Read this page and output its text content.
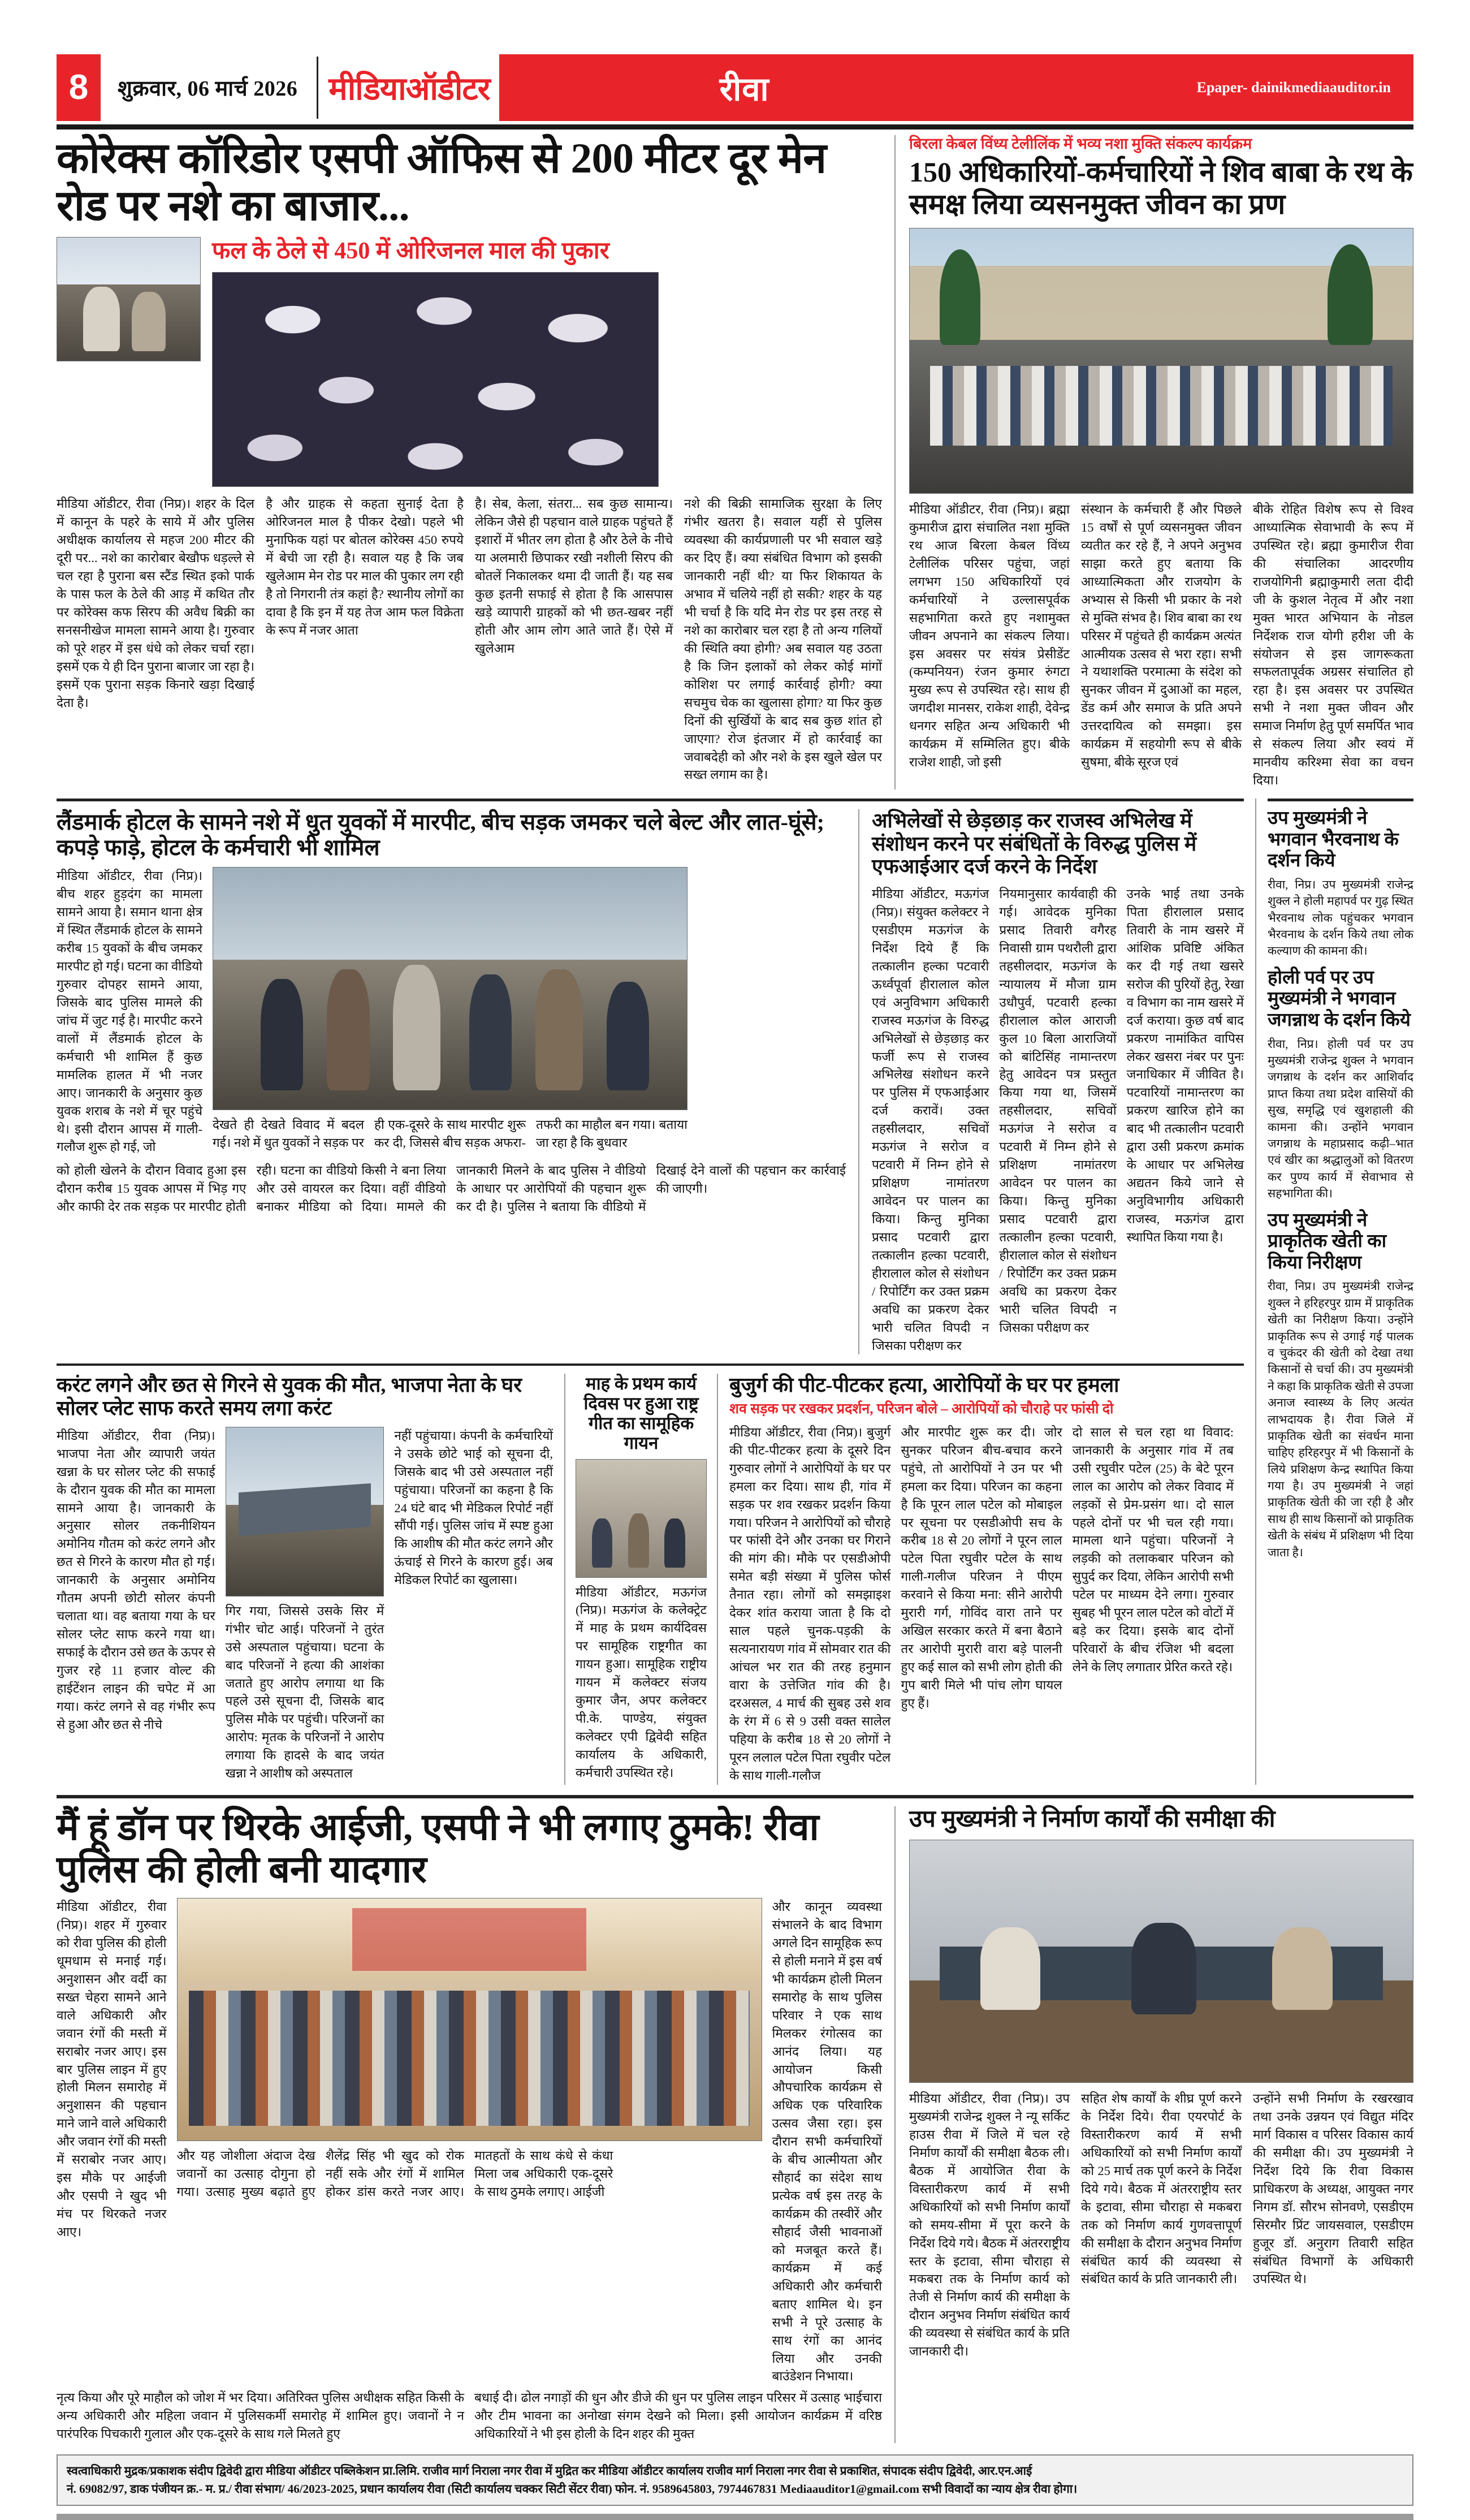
8	शुक्रवार, 06 मार्च 2026 मीडियाऑडीटर	रीवा	Epaper- dainikmediaauditor.in
कोरेक्स कॉरिडोर एसपी ऑफिस से 200 मीटर दूर मेन रोड पर नशे का बाजार...
फल के ठेले से 450 में ओरिजनल माल की पुकार
मीडिया ऑडीटर, रीवा (निप्र)। शहर के दिल में कानून के पहरे के साये में और पुलिस अधीक्षक कार्यालय से महज 200 मीटर की दूरी पर... नशे का कारोबार बेखौफ धड़ल्ले से चल रहा है पुराना बस स्टैंड स्थित इको पार्क के पास फल के ठेले की आड़ में कथित तौर पर कोरेक्स कफ सिरप की अवैध बिक्री का सनसनीखेज मामला सामने आया है। गुरुवार को पूरे शहर में इस धंधे को लेकर चर्चा रहा। इसमें एक ये ही दिन पुराना बाजार जा रहा है। इसमें एक पुराना सड़क किनारे खड़ा दिखाई देता है।
है और ग्राहक से कहता सुनाई देता है ओरिजनल माल है पीकर देखो। पहले भी मुनाफिक यहां पर बोतल कोरेक्स 450 रुपये में बेची जा रही है। सवाल यह है कि जब खुलेआम मेन रोड पर माल की पुकार लग रही है तो निगरानी तंत्र कहां है? स्थानीय लोगों का दावा है कि इन में यह तेज आम फल विक्रेता के रूप में नजर आता
है। सेब, केला, संतरा... सब कुछ सामान्य। लेकिन जैसे ही पहचान वाले ग्राहक पहुंचते हैं इशारों में भीतर लग होता है और ठेले के नीचे या अलमारी छिपाकर रखी नशीली सिरप की बोतलें निकालकर थमा दी जाती हैं। यह सब कुछ इतनी सफाई से होता है कि आसपास खड़े व्यापारी ग्राहकों को भी छत-खबर नहीं होती और आम लोग आते जाते हैं। ऐसे में खुलेआम
नशे की बिक्री सामाजिक सुरक्षा के लिए गंभीर खतरा है। सवाल यहीं से पुलिस व्यवस्था की कार्यप्रणाली पर भी सवाल खड़े कर दिए हैं। क्या संबंधित विभाग को इसकी जानकारी नहीं थी? या फिर शिकायत के अभाव में चलिये नहीं हो सकी? शहर के यह भी चर्चा है कि यदि मेन रोड पर इस तरह से नशे का कारोबार चल रहा है तो अन्य गलियों की स्थिति क्या होगी? अब सवाल यह उठता है कि जिन इलाकों को लेकर कोई मांगों कोशिश पर लगाई कार्रवाई होगी? क्या सचमुच चेक का खुलासा होगा? या फिर कुछ दिनों की सुर्खियों के बाद सब कुछ शांत हो जाएगा? रोज इंतजार में हो कार्रवाई का जवाबदेही को और नशे के इस खुले खेल पर सख्त लगाम का है।
बिरला केबल विंध्य टेलीलिंक में भव्य नशा मुक्ति संकल्प कार्यक्रम
150 अधिकारियों-कर्मचारियों ने शिव बाबा के रथ के समक्ष लिया व्यसनमुक्त जीवन का प्रण
मीडिया ऑडीटर, रीवा (निप्र)। ब्रह्मा कुमारीज द्वारा संचालित नशा मुक्ति रथ आज बिरला केबल विंध्य टेलीलिंक परिसर पहुंचा, जहां लगभग 150 अधिकारियों एवं कर्मचारियों ने उल्लासपूर्वक सहभागिता करते हुए नशामुक्त जीवन अपनाने का संकल्प लिया। इस अवसर पर संयंत्र प्रेसीडेंट (कम्पनियन) रंजन कुमार रुंगटा मुख्य रूप से उपस्थित रहे। साथ ही जगदीश मानसर, राकेश शाही, देवेन्द्र धनगर सहित अन्य अधिकारी भी कार्यक्रम में सम्मिलित हुए। बीके राजेश शाही, जो इसी
संस्थान के कर्मचारी हैं और पिछले 15 वर्षों से पूर्ण व्यसनमुक्त जीवन व्यतीत कर रहे हैं, ने अपने अनुभव साझा करते हुए बताया कि आध्यात्मिकता और राजयोग के अभ्यास से किसी भी प्रकार के नशे से मुक्ति संभव है। शिव बाबा का रथ परिसर में पहुंचते ही कार्यक्रम अत्यंत आत्मीयक उत्सव से भरा रहा। सभी ने यथाशक्ति परमात्मा के संदेश को सुनकर जीवन में दुआओं का महल, डेंड कर्म और समाज के प्रति अपने उत्तरदायित्व को समझा। इस कार्यक्रम में सहयोगी रूप से बीके सुषमा, बीके सूरज एवं
बीके रोहित विशेष रूप से विश्व आध्यात्मिक सेवाभावी के रूप में उपस्थित रहे। ब्रह्मा कुमारीज रीवा की संचालिका आदरणीय राजयोगिनी ब्रह्माकुमारी लता दीदी जी के कुशल नेतृत्व में और नशा मुक्त भारत अभियान के नोडल निर्देशक राज योगी हरीश जी के संयोजन से इस जागरूकता सफलतापूर्वक अग्रसर संचालित हो रहा है। इस अवसर पर उपस्थित सभी ने नशा मुक्त जीवन और समाज निर्माण हेतु पूर्ण समर्पित भाव से संकल्प लिया और स्वयं में मानवीय करिश्मा सेवा का वचन दिया।
लैंडमार्क होटल के सामने नशे में धुत युवकों में मारपीट, बीच सड़क जमकर चले बेल्ट और लात-घूंसे; कपड़े फाड़े, होटल के कर्मचारी भी शामिल
मीडिया ऑडीटर, रीवा (निप्र)। बीच शहर हुड़दंग का मामला सामने आया है। समान थाना क्षेत्र में स्थित लैंडमार्क होटल के सामने करीब 15 युवकों के बीच जमकर मारपीट हो गई। घटना का वीडियो गुरुवार दोपहर सामने आया, जिसके बाद पुलिस मामले की जांच में जुट गई है। मारपीट करने वालों में लैंडमार्क होटल के कर्मचारी भी शामिल हैं कुछ मामलिक हालत में भी नजर आए। जानकारी के अनुसार कुछ युवक शराब के नशे में चूर पहुंचे थे। इसी दौरान आपस में गाली-गलौज शुरू हो गई, जो
देखते ही देखते विवाद में बदल गई। नशे में धुत युवकों ने सड़क पर ही एक-दूसरे के साथ मारपीट शुरू कर दी, जिससे बीच सड़क अफरा-तफरी का माहौल बन गया। बताया जा रहा है कि बुधवार
को होली खेलने के दौरान विवाद हुआ इस दौरान करीब 15 युवक आपस में भिड़ गए और काफी देर तक सड़क पर मारपीट होती रही। घटना का वीडियो किसी ने बना लिया और उसे वायरल कर दिया। वहीं वीडियो बनाकर मीडिया को दिया। मामले की जानकारी मिलने के बाद पुलिस ने वीडियो के आधार पर आरोपियों की पहचान शुरू कर दी है। पुलिस ने बताया कि वीडियो में दिखाई देने वालों की पहचान कर कार्रवाई की जाएगी।
अभिलेखों से छेड़छाड़ कर राजस्व अभिलेख में संशोधन करने पर संबंधितों के विरुद्ध पुलिस में एफआईआर दर्ज करने के निर्देश
मीडिया ऑडीटर, मऊगंज (निप्र)। संयुक्त कलेक्टर ने एसडीएम मऊगंज के निर्देश दिये हैं कि तत्कालीन हल्का पटवारी ऊर्ध्वपूर्वा हीरालाल कोल एवं अनुविभाग अधिकारी राजस्व मऊगंज के विरुद्ध अभिलेखों से छेड़छाड़ कर फर्जी रूप से राजस्व अभिलेख संशोधन करने पर पुलिस में एफआईआर दर्ज करावें। उक्त तहसीलदार, सचिवों मऊगंज ने सरोज व पटवारी में निम्न होने से प्रशिक्षण नामांतरण आवेदन पर पालन का किया। किन्तु मुनिका प्रसाद पटवारी द्वारा तत्कालीन हल्का पटवारी, हीरालाल कोल से संशोधन / रिपोर्टिंग कर उक्त प्रक्रम अवधि का प्रकरण देकर भारी चलित विपदी न जिसका परीक्षण कर
नियमानुसार कार्यवाही की गई। आवेदक मुनिका प्रसाद तिवारी वगैरह निवासी ग्राम पथरौली द्वारा तहसीलदार, मऊगंज के न्यायालय में मौजा ग्राम उधौपुर्व, पटवारी हल्का हीरालाल कोल आराजी कुल 10 बिला आराजियों को बांटिसिंह नामान्तरण हेतु आवेदन पत्र प्रस्तुत किया गया था, जिसमें तहसीलदार, सचिवों मऊगंज ने सरोज व पटवारी में निम्न होने से प्रशिक्षण नामांतरण आवेदन पर पालन का किया। किन्तु मुनिका प्रसाद पटवारी द्वारा तत्कालीन हल्का पटवारी, हीरालाल कोल से संशोधन / रिपोर्टिंग कर उक्त प्रक्रम अवधि का प्रकरण देकर भारी चलित विपदी न जिसका परीक्षण कर
उनके भाई तथा उनके पिता हीरालाल प्रसाद तिवारी के नाम खसरे में आंशिक प्रविष्टि अंकित कर दी गई तथा खसरे सरोज की पुरियों हेतु, रेखा व विभाग का नाम खसरे में दर्ज कराया। कुछ वर्ष बाद प्रकरण नामांकित वापिस लेकर खसरा नंबर पर पुनः जनाधिकार में जीवित है। पटवारियों नामान्तरण का प्रकरण खारिज होने का बाद भी तत्कालीन पटवारी द्वारा उसी प्रकरण क्रमांक के आधार पर अभिलेख अद्यतन किये जाने से अनुविभागीय अधिकारी राजस्व, मऊगंज द्वारा स्थापित किया गया है।
करंट लगने और छत से गिरने से युवक की मौत, भाजपा नेता के घर सोलर प्लेट साफ करते समय लगा करंट
मीडिया ऑडीटर, रीवा (निप्र)। भाजपा नेता और व्यापारी जयंत खन्ना के घर सोलर प्लेट की सफाई के दौरान युवक की मौत का मामला सामने आया है। जानकारी के अनुसार सोलर तकनीशियन अमोनिय गौतम को करंट लगने और छत से गिरने के कारण मौत हो गई। जानकारी के अनुसार अमोनिय गौतम अपनी छोटी सोलर कंपनी चलाता था। वह बताया गया के घर सोलर प्लेट साफ करने गया था। सफाई के दौरान उसे छत के ऊपर से गुजर रहे 11 हजार वोल्ट की हाईटेंशन लाइन की चपेट में आ गया। करंट लगने से वह गंभीर रूप से हुआ और छत से नीचे
गिर गया, जिससे उसके सिर में गंभीर चोट आई। परिजनों ने तुरंत उसे अस्पताल पहुंचाया। घटना के बाद परिजनों ने हत्या की आशंका जताते हुए आरोप लगाया था कि पहले उसे सूचना दी, जिसके बाद पुलिस मौके पर पहुंची। परिजनों का आरोप: मृतक के परिजनों ने आरोप लगाया कि हादसे के बाद जयंत खन्ना ने आशीष को अस्पताल
नहीं पहुंचाया। कंपनी के कर्मचारियों ने उसके छोटे भाई को सूचना दी, जिसके बाद भी उसे अस्पताल नहीं पहुंचाया। परिजनों का कहना है कि 24 घंटे बाद भी मेडिकल रिपोर्ट नहीं सौंपी गई। पुलिस जांच में स्पष्ट हुआ कि आशीष की मौत करंट लगने और ऊंचाई से गिरने के कारण हुई। अब मेडिकल रिपोर्ट का खुलासा।
माह के प्रथम कार्य दिवस पर हुआ राष्ट्र गीत का सामूहिक गायन
मीडिया ऑडीटर, मऊगंज (निप्र)। मऊगंज के कलेक्ट्रेट में माह के प्रथम कार्यदिवस पर सामूहिक राष्ट्रगीत का गायन हुआ। सामूहिक राष्ट्रीय गायन में कलेक्टर संजय कुमार जैन, अपर कलेक्टर पी.के. पाण्डेय, संयुक्त कलेक्टर एपी द्विवेदी सहित कार्यालय के अधिकारी, कर्मचारी उपस्थित रहे।
बुजुर्ग की पीट-पीटकर हत्या, आरोपियों के घर पर हमला
शव सड़क पर रखकर प्रदर्शन, परिजन बोले – आरोपियों को चौराहे पर फांसी दो
मीडिया ऑडीटर, रीवा (निप्र)। बुजुर्ग की पीट-पीटकर हत्या के दूसरे दिन गुरुवार लोगों ने आरोपियों के घर पर हमला कर दिया। साथ ही, गांव में सड़क पर शव रखकर प्रदर्शन किया गया। परिजन ने आरोपियों को चौराहे पर फांसी देने और उनका घर गिराने की मांग की। मौके पर एसडीओपी समेत बड़ी संख्या में पुलिस फोर्स तैनात रहा। लोगों को समझाइश देकर शांत कराया जाता है कि दो साल पहले चुनक-पड़की के सत्यनारायण गांव में सोमवार रात की आंचल भर रात की तरह हनुमान वारा के उत्तेजित गांव की है। दरअसल, 4 मार्च की सुबह उसे शव के रंग में 6 से 9 उसी वक्त सालेल पहिया के करीब 18 से 20 लोगों ने पूरन ललाल पटेल पिता रघुवीर पटेल के साथ गाली-गलौज
और मारपीट शुरू कर दी। जोर सुनकर परिजन बीच-बचाव करने पहुंचे, तो आरोपियों ने उन पर भी हमला कर दिया। परिजन का कहना है कि पूरन लाल पटेल को मोबाइल पर सूचना पर एसडीओपी सच के करीब 18 से 20 लोगों ने पूरन लाल पटेल पिता रघुवीर पटेल के साथ गाली-गलीज परिजन ने पीएम करवाने से किया मना: सीने आरोपी मुरारी गर्ग, गोविंद वारा ताने पर अखिल सरकार करते में बना बैठाने तर आरोपी मुरारी वारा बड़े पालनी हुए कई साल को सभी लोग होती की गुप बारी मिले भी पांच लोग घायल हुए हैं।
दो साल से चल रहा था विवाद: जानकारी के अनुसार गांव में तब उसी रघुवीर पटेल (25) के बेटे पूरन लाल का आरोप को लेकर विवाद में लड़कों से प्रेम-प्रसंग था। दो साल पहले दोनों पर भी चल रही गया। मामला थाने पहुंचा। परिजनों ने लड़की को तलाकबार परिजन को सुपुर्द कर दिया, लेकिन आरोपी सभी पटेल पर माध्यम देने लगा। गुरुवार सुबह भी पूरन लाल पटेल को वोटों में बड़े कर दिया। इसके बाद दोनों परिवारों के बीच रंजिश भी बदला लेने के लिए लगातार प्रेरित करते रहे।
उप मुख्यमंत्री ने भगवान भैरवनाथ के दर्शन किये
रीवा, निप्र। उप मुख्यमंत्री राजेन्द्र शुक्ल ने होली महापर्व पर गुढ़ स्थित भैरवनाथ लोक पहुंचकर भगवान भैरवनाथ के दर्शन किये तथा लोक कल्याण की कामना की।
होली पर्व पर उप मुख्यमंत्री ने भगवान जगन्नाथ के दर्शन किये
रीवा, निप्र। होली पर्व पर उप मुख्यमंत्री राजेन्द्र शुक्ल ने भगवान जगन्नाथ के दर्शन कर आशिर्वाद प्राप्त किया तथा प्रदेश वासियों की सुख, समृद्धि एवं खुशहाली की कामना की। उन्होंने भगवान जगन्नाथ के महाप्रसाद कढ़ी–भात एवं खीर का श्रद्धालुओं को वितरण कर पुण्य कार्य में सेवाभाव से सहभागिता की।
उप मुख्यमंत्री ने प्राकृतिक खेती का किया निरीक्षण
रीवा, निप्र। उप मुख्यमंत्री राजेन्द्र शुक्ल ने हरिहरपुर ग्राम में प्राकृतिक खेती का निरीक्षण किया। उन्होंने प्राकृतिक रूप से उगाई गई पालक व चुकंदर की खेती को देखा तथा किसानों से चर्चा की। उप मुख्यमंत्री ने कहा कि प्राकृतिक खेती से उपजा अनाज स्वास्थ्य के लिए अत्यंत लाभदायक है। रीवा जिले में प्राकृतिक खेती का संवर्धन माना चाहिए हरिहरपुर में भी किसानों के लिये प्रशिक्षण केन्द्र स्थापित किया गया है। उप मुख्यमंत्री ने जहां प्राकृतिक खेती की जा रही है और साथ ही साथ किसानों को प्राकृतिक खेती के संबंध में प्रशिक्षण भी दिया जाता है।
मैं हूं डॉन पर थिरके आईजी, एसपी ने भी लगाए ठुमके! रीवा पुलिस की होली बनी यादगार
मीडिया ऑडीटर, रीवा (निप्र)। शहर में गुरुवार को रीवा पुलिस की होली धूमधाम से मनाई गई। अनुशासन और वर्दी का सख्त चेहरा सामने आने वाले अधिकारी और जवान रंगों की मस्ती में सराबोर नजर आए। इस बार पुलिस लाइन में हुए होली मिलन समारोह में अनुशासन की पहचान माने जाने वाले अधिकारी और जवान रंगों की मस्ती में सराबोर नजर आए। इस मौके पर आईजी और एसपी ने खुद भी मंच पर थिरकते नजर आए।
और यह जोशीला अंदाज देख जवानों का उत्साह दोगुना हो गया। उत्साह मुख्य बढ़ाते हुए शैलेंद्र सिंह भी खुद को रोक नहीं सके और रंगों में शामिल होकर डांस करते नजर आए। मातहतों के साथ कंधे से कंधा मिला जब अधिकारी एक-दूसरे के साथ ठुमके लगाए। आईजी
और कानून व्यवस्था संभालने के बाद विभाग अगले दिन सामूहिक रूप से होली मनाने में इस वर्ष भी कार्यक्रम होली मिलन समारोह के साथ पुलिस परिवार ने एक साथ मिलकर रंगोत्सव का आनंद लिया। यह आयोजन किसी औपचारिक कार्यक्रम से अधिक एक परिवारिक उत्सव जैसा रहा। इस दौरान सभी कर्मचारियों के बीच आत्मीयता और सौहार्द का संदेश साथ प्रत्येक वर्ष इस तरह के कार्यक्रम की तस्वीरें और सौहार्द जैसी भावनाओं को मजबूत करते हैं। कार्यक्रम में कई अधिकारी और कर्मचारी बताए शामिल थे। इन सभी ने पूरे उत्साह के साथ रंगों का आनंद लिया और उनकी बाउंडेशन निभाया।
नृत्य किया और पूरे माहौल को जोश में भर दिया। अतिरिक्त पुलिस अधीक्षक सहित किसी के अन्य अधिकारी और महिला जवान में पुलिसकर्मी समारोह में शामिल हुए। जवानों ने न पारंपरिक पिचकारी गुलाल और एक-दूसरे के साथ गले मिलते हुए
बधाई दी। ढोल नगाड़ों की धुन और डीजे की धुन पर पुलिस लाइन परिसर में उत्साह भाईचारा और टीम भावना का अनोखा संगम देखने को मिला। इसी आयोजन कार्यक्रम में वरिष्ठ अधिकारियों ने भी इस होली के दिन शहर की मुक्त
उप मुख्यमंत्री ने निर्माण कार्यों की समीक्षा की
मीडिया ऑडीटर, रीवा (निप्र)। उप मुख्यमंत्री राजेन्द्र शुक्ल ने न्यू सर्किट हाउस रीवा में जिले में चल रहे निर्माण कार्यों की समीक्षा बैठक ली। बैठक में आयोजित रीवा के विस्तारीकरण कार्य में सभी अधिकारियों को सभी निर्माण कार्यों को समय-सीमा में पूरा करने के निर्देश दिये गये। बैठक में अंतरराष्ट्रीय स्तर के इटावा, सीमा चौराहा से मकबरा तक के निर्माण कार्य को तेजी से निर्माण कार्य की समीक्षा के दौरान अनुभव निर्माण संबंधित कार्य की व्यवस्था से संबंधित कार्य के प्रति जानकारी दी।
सहित शेष कार्यों के शीघ्र पूर्ण करने के निर्देश दिये। रीवा एयरपोर्ट के विस्तारीकरण कार्य में सभी अधिकारियों को सभी निर्माण कार्यों को 25 मार्च तक पूर्ण करने के निर्देश दिये गये। बैठक में अंतरराष्ट्रीय स्तर के इटावा, सीमा चौराहा से मकबरा तक को निर्माण कार्य गुणवत्तापूर्ण की समीक्षा के दौरान अनुभव निर्माण संबंधित कार्य की व्यवस्था से संबंधित कार्य के प्रति जानकारी ली।
उन्होंने सभी निर्माण के रखरखाव तथा उनके उन्नयन एवं विद्युत मंदिर मार्ग विकास व परिसर विकास कार्य की समीक्षा की। उप मुख्यमंत्री ने निर्देश दिये कि रीवा विकास प्राधिकरण के अध्यक्ष, आयुक्त नगर निगम डॉ. सौरभ सोनवणे, एसडीएम सिरमौर प्रिंट जायसवाल, एसडीएम हुजूर डॉ. अनुराग तिवारी सहित संबंधित विभागों के अधिकारी उपस्थित थे।
स्वत्वाधिकारी मुद्रक/प्रकाशक संदीप द्विवेदी द्वारा मीडिया ऑडीटर पब्लिकेशन प्रा.लिमि. राजीव मार्ग निराला नगर रीवा में मुद्रित कर मीडिया ऑडीटर कार्यालय राजीव मार्ग निराला नगर रीवा से प्रकाशित, संपादक संदीप द्विवेदी, आर.एन.आई
नं. 69082/97, डाक पंजीयन क्र.- म. प्र./ रीवा संभाग/ 46/2023-2025, प्रधान कार्यालय रीवा (सिटी कार्यालय चक्कर सिटी सेंटर रीवा) फोन. नं. 9589645803, 7974467831 Mediaauditor1@gmail.com सभी विवादों का न्याय क्षेत्र रीवा होगा।
